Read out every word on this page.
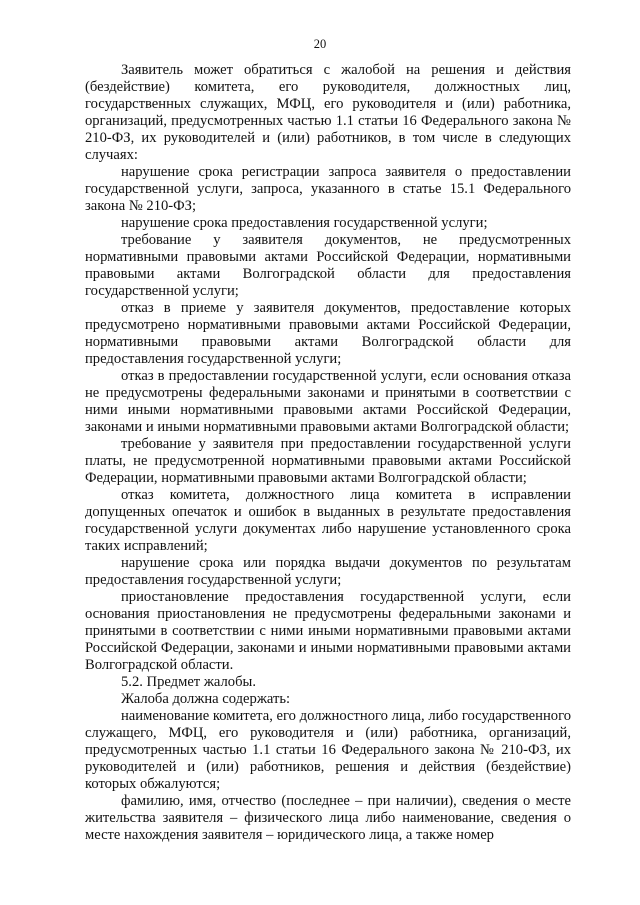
20

Заявитель может обратиться с жалобой на решения и действия (бездействие) комитета, его руководителя, должностных лиц, государственных служащих, МФЦ, его руководителя и (или) работника, организаций, предусмотренных частью 1.1 статьи 16 Федерального закона № 210-ФЗ, их руководителей и (или) работников, в том числе в следующих случаях:

нарушение срока регистрации запроса заявителя о предоставлении государственной услуги, запроса, указанного в статье 15.1 Федерального закона № 210-ФЗ;

нарушение срока предоставления государственной услуги;

требование у заявителя документов, не предусмотренных нормативными правовыми актами Российской Федерации, нормативными правовыми актами Волгоградской области для предоставления государственной услуги;

отказ в приеме у заявителя документов, предоставление которых предусмотрено нормативными правовыми актами Российской Федерации, нормативными правовыми актами Волгоградской области для предоставления государственной услуги;

отказ в предоставлении государственной услуги, если основания отказа не предусмотрены федеральными законами и принятыми в соответствии с ними иными нормативными правовыми актами Российской Федерации, законами и иными нормативными правовыми актами Волгоградской области;

требование у заявителя при предоставлении государственной услуги платы, не предусмотренной нормативными правовыми актами Российской Федерации, нормативными правовыми актами Волгоградской области;

отказ комитета, должностного лица комитета в исправлении допущенных опечаток и ошибок в выданных в результате предоставления государственной услуги документах либо нарушение установленного срока таких исправлений;

нарушение срока или порядка выдачи документов по результатам предоставления государственной услуги;

приостановление предоставления государственной услуги, если основания приостановления не предусмотрены федеральными законами и принятыми в соответствии с ними иными нормативными правовыми актами Российской Федерации, законами и иными нормативными правовыми актами Волгоградской области.

5.2. Предмет жалобы.

Жалоба должна содержать:

наименование комитета, его должностного лица, либо государственного служащего, МФЦ, его руководителя и (или) работника, организаций, предусмотренных частью 1.1 статьи 16 Федерального закона № 210-ФЗ, их руководителей и (или) работников, решения и действия (бездействие) которых обжалуются;

фамилию, имя, отчество (последнее – при наличии), сведения о месте жительства заявителя – физического лица либо наименование, сведения о месте нахождения заявителя – юридического лица, а также номер
